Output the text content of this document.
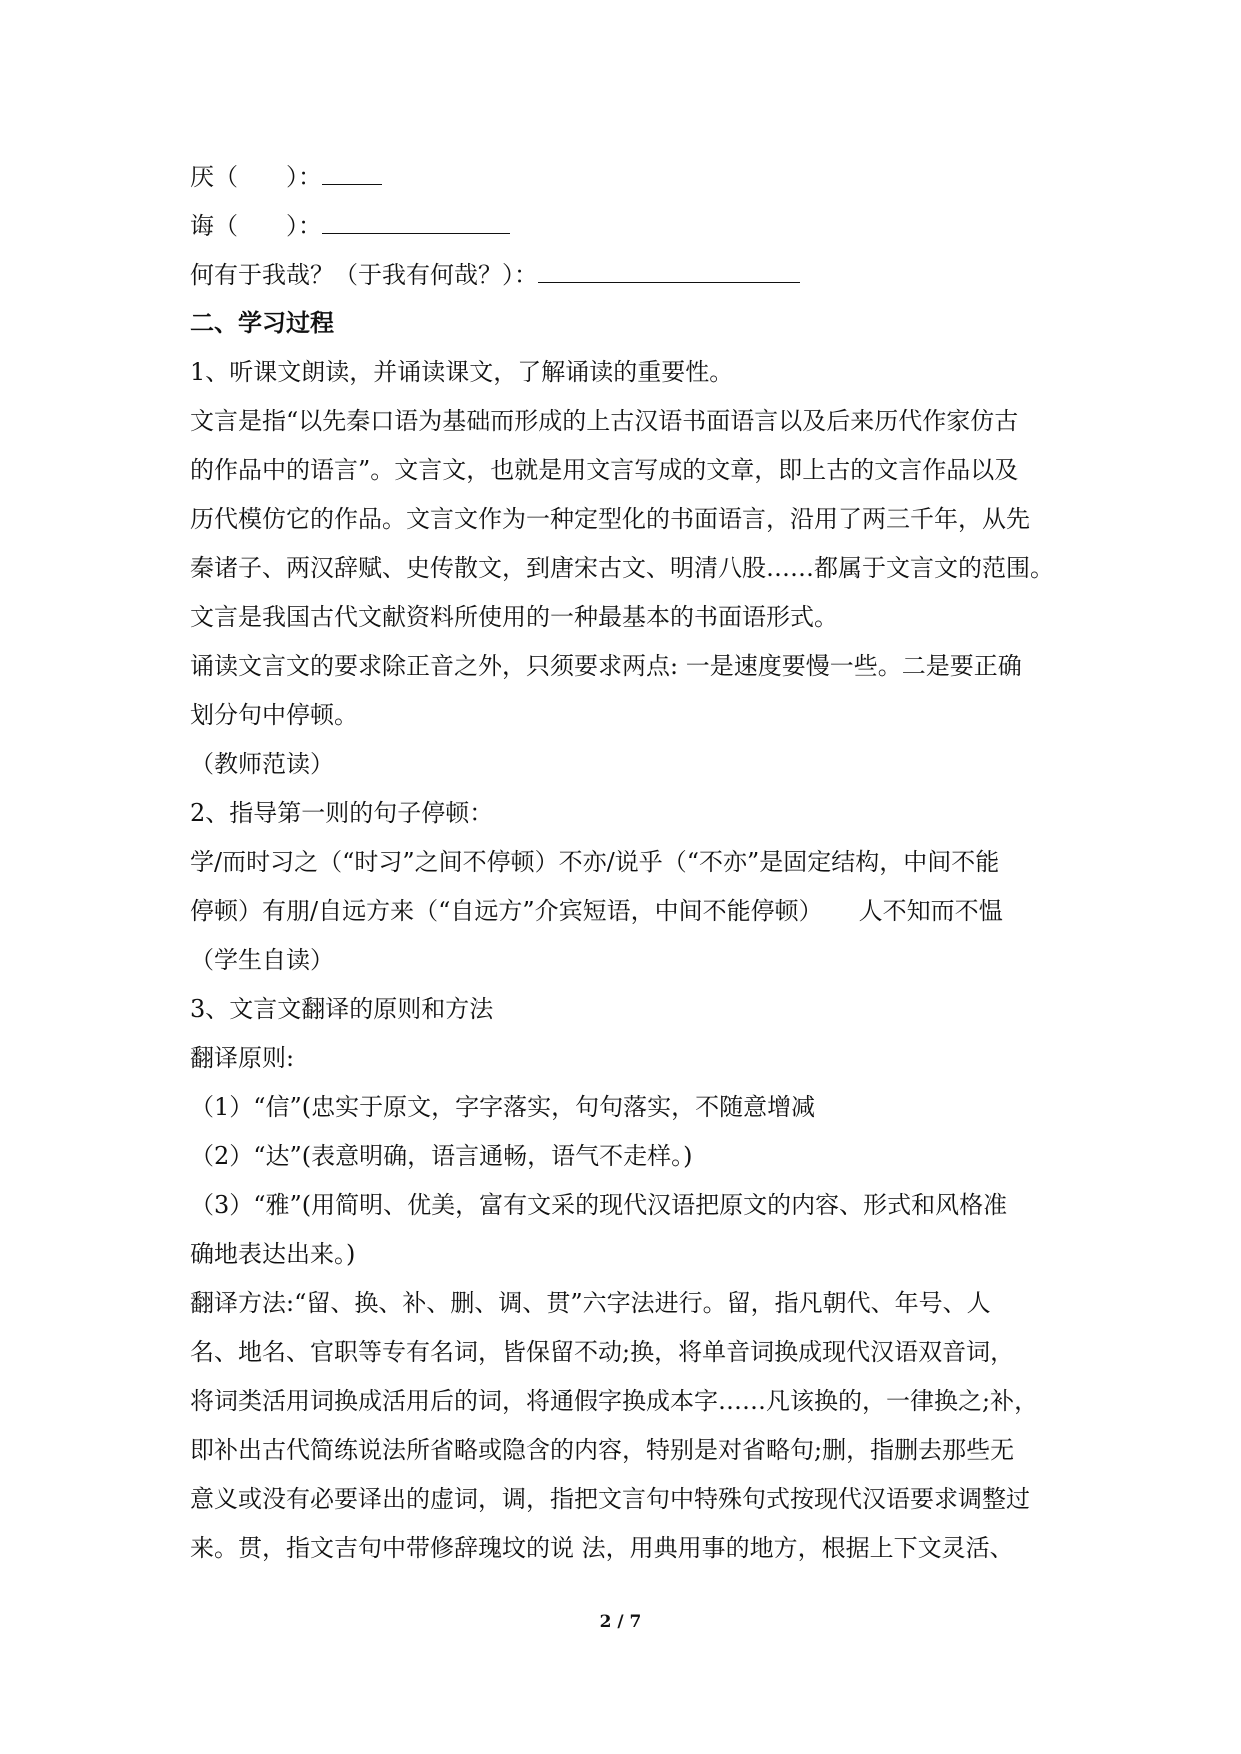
厌（　　）：
诲（　　）：
何有于我哉？（于我有何哉？）：
二、学习过程
1、听课文朗读，并诵读课文，了解诵读的重要性。
文言是指“以先秦口语为基础而形成的上古汉语书面语言以及后来历代作家仿古
的作品中的语言”。文言文，也就是用文言写成的文章，即上古的文言作品以及
历代模仿它的作品。文言文作为一种定型化的书面语言，沿用了两三千年，从先
秦诸子、两汉辞赋、史传散文，到唐宋古文、明清八股……都属于文言文的范围。
文言是我国古代文献资料所使用的一种最基本的书面语形式。
诵读文言文的要求除正音之外，只须要求两点: 一是速度要慢一些。二是要正确
划分句中停顿。
（教师范读）
2、指导第一则的句子停顿：
学/而时习之（“时习”之间不停顿）不亦/说乎（“不亦”是固定结构，中间不能
停顿）有朋/自远方来（“自远方”介宾短语，中间不能停顿）　　人不知而不愠
（学生自读）
3、文言文翻译的原则和方法
翻译原则:
（1）“信”(忠实于原文，字字落实，句句落实，不随意增减
（2）“达”(表意明确，语言通畅，语气不走样。)
（3）“雅”(用简明、优美，富有文采的现代汉语把原文的内容、形式和风格准
确地表达出来。)
翻译方法:“留、换、补、删、调、贯”六字法进行。留，指凡朝代、年号、人
名、地名、官职等专有名词，皆保留不动;换，将单音词换成现代汉语双音词，
将词类活用词换成活用后的词，将通假字换成本字……凡该换的，一律换之;补，
即补出古代简练说法所省略或隐含的内容，特别是对省略句;删，指删去那些无
意义或没有必要译出的虚词，调，指把文言句中特殊句式按现代汉语要求调整过
来。贯，指文吉句中带修辞瑰坟的说 法，用典用事的地方，根据上下文灵活、
2 / 7
